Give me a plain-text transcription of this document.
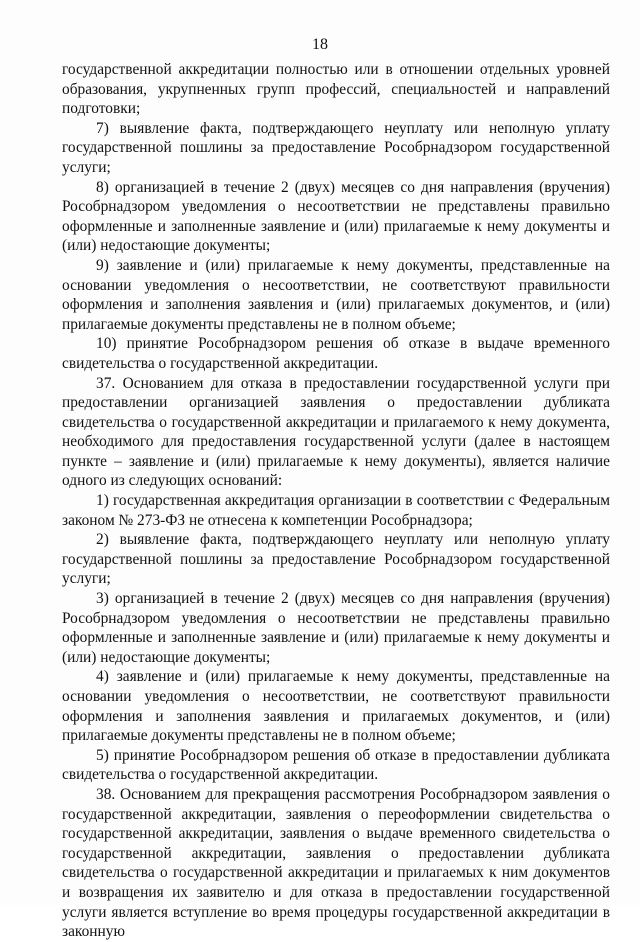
18

государственной аккредитации полностью или в отношении отдельных уровней образования, укрупненных групп профессий, специальностей и направлений подготовки;

7) выявление факта, подтверждающего неуплату или неполную уплату государственной пошлины за предоставление Рособрнадзором государственной услуги;

8) организацией в течение 2 (двух) месяцев со дня направления (вручения) Рособрнадзором уведомления о несоответствии не представлены правильно оформленные и заполненные заявление и (или) прилагаемые к нему документы и (или) недостающие документы;

9) заявление и (или) прилагаемые к нему документы, представленные на основании уведомления о несоответствии, не соответствуют правильности оформления и заполнения заявления и (или) прилагаемых документов, и (или) прилагаемые документы представлены не в полном объеме;

10) принятие Рособрнадзором решения об отказе в выдаче временного свидетельства о государственной аккредитации.

37. Основанием для отказа в предоставлении государственной услуги при предоставлении организацией заявления о предоставлении дубликата свидетельства о государственной аккредитации и прилагаемого к нему документа, необходимого для предоставления государственной услуги (далее в настоящем пункте – заявление и (или) прилагаемые к нему документы), является наличие одного из следующих оснований:

1) государственная аккредитация организации в соответствии с Федеральным законом № 273-ФЗ не отнесена к компетенции Рособрнадзора;

2) выявление факта, подтверждающего неуплату или неполную уплату государственной пошлины за предоставление Рособрнадзором государственной услуги;

3) организацией в течение 2 (двух) месяцев со дня направления (вручения) Рособрнадзором уведомления о несоответствии не представлены правильно оформленные и заполненные заявление и (или) прилагаемые к нему документы и (или) недостающие документы;

4) заявление и (или) прилагаемые к нему документы, представленные на основании уведомления о несоответствии, не соответствуют правильности оформления и заполнения заявления и прилагаемых документов, и (или) прилагаемые документы представлены не в полном объеме;

5) принятие Рособрнадзором решения об отказе в предоставлении дубликата свидетельства о государственной аккредитации.

38. Основанием для прекращения рассмотрения Рособрнадзором заявления о государственной аккредитации, заявления о переоформлении свидетельства о государственной аккредитации, заявления о выдаче временного свидетельства о государственной аккредитации, заявления о предоставлении дубликата свидетельства о государственной аккредитации и прилагаемых к ним документов и возвращения их заявителю и для отказа в предоставлении государственной услуги является вступление во время процедуры государственной аккредитации в законную
